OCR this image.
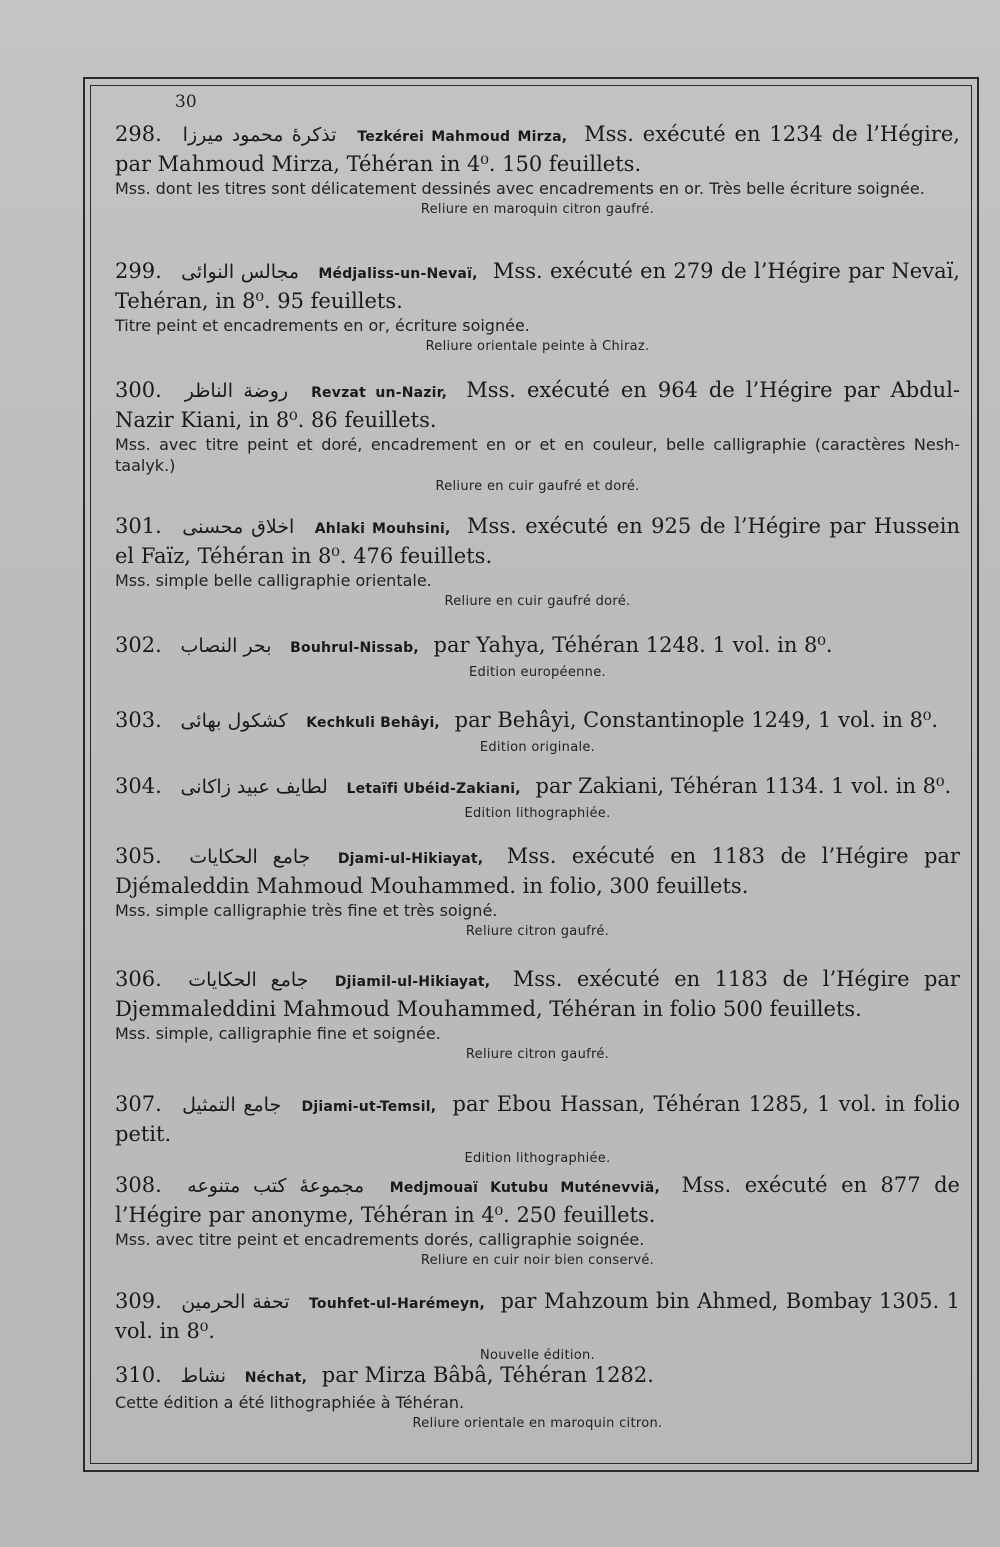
30

298. تذکرهٔ محمود میرزا Tezkérei Mahmoud Mirza, Mss. exécuté en 1234 de l’Hégire, par Mahmoud Mirza, Téhéran in 4⁰. 150 feuillets.

Mss. dont les titres sont délicatement dessinés avec encadrements en or. Très belle écriture soignée.

Reliure en maroquin citron gaufré.

299. مجالس النوائی Médjaliss-un-Nevaï, Mss. exécuté en 279 de l’Hégire par Nevaï, Tehéran, in 8⁰. 95 feuillets.

Titre peint et encadrements en or, écriture soignée.

Reliure orientale peinte à Chiraz.

300. روضة الناظر Revzat un-Nazir, Mss. exécuté en 964 de l’Hégire par Abdul-Nazir Kiani, in 8⁰. 86 feuillets.

Mss. avec titre peint et doré, encadrement en or et en couleur, belle calligraphie (caractères Nesh-taalyk.)

Reliure en cuir gaufré et doré.

301. اخلاق محسنی Ahlaki Mouhsini, Mss. exécuté en 925 de l’Hégire par Hussein el Faïz, Téhéran in 8⁰. 476 feuillets.

Mss. simple belle calligraphie orientale.

Reliure en cuir gaufré doré.

302. بحر النصاب Bouhrul-Nissab, par Yahya, Téhéran 1248. 1 vol. in 8⁰.

Edition européenne.

303. کشکول بهائی Kechkuli Behâyi, par Behâyi, Constantinople 1249, 1 vol. in 8⁰.

Edition originale.

304. لطایف عبید زاکانی Letaïfi Ubéid-Zakiani, par Zakiani, Téhéran 1134. 1 vol. in 8⁰.

Edition lithographiée.

305. جامع الحکایات Djami-ul-Hikiayat, Mss. exécuté en 1183 de l’Hégire par Djémaleddin Mahmoud Mouhammed. in folio, 300 feuillets.

Mss. simple calligraphie très fine et très soigné.

Reliure citron gaufré.

306. جامع الحکایات Djiamil-ul-Hikiayat, Mss. exécuté en 1183 de l’Hégire par Djemmaleddini Mahmoud Mouhammed, Téhéran in folio 500 feuillets.

Mss. simple, calligraphie fine et soignée.

Reliure citron gaufré.

307. جامع التمثیل Djiami-ut-Temsil, par Ebou Hassan, Téhéran 1285, 1 vol. in folio petit.

Edition lithographiée.

308. مجموعهٔ کتب متنوعه Medjmouaï Kutubu Muténevviä, Mss. exécuté en 877 de l’Hégire par anonyme, Téhéran in 4⁰. 250 feuillets.

Mss. avec titre peint et encadrements dorés, calligraphie soignée.

Reliure en cuir noir bien conservé.

309. تحفة الحرمین Touhfet-ul-Harémeyn, par Mahzoum bin Ahmed, Bombay 1305. 1 vol. in 8⁰.

Nouvelle édition.

310. نشاط Néchat, par Mirza Bâbâ, Téhéran 1282.

Cette édition a été lithographiée à Téhéran.

Reliure orientale en maroquin citron.
